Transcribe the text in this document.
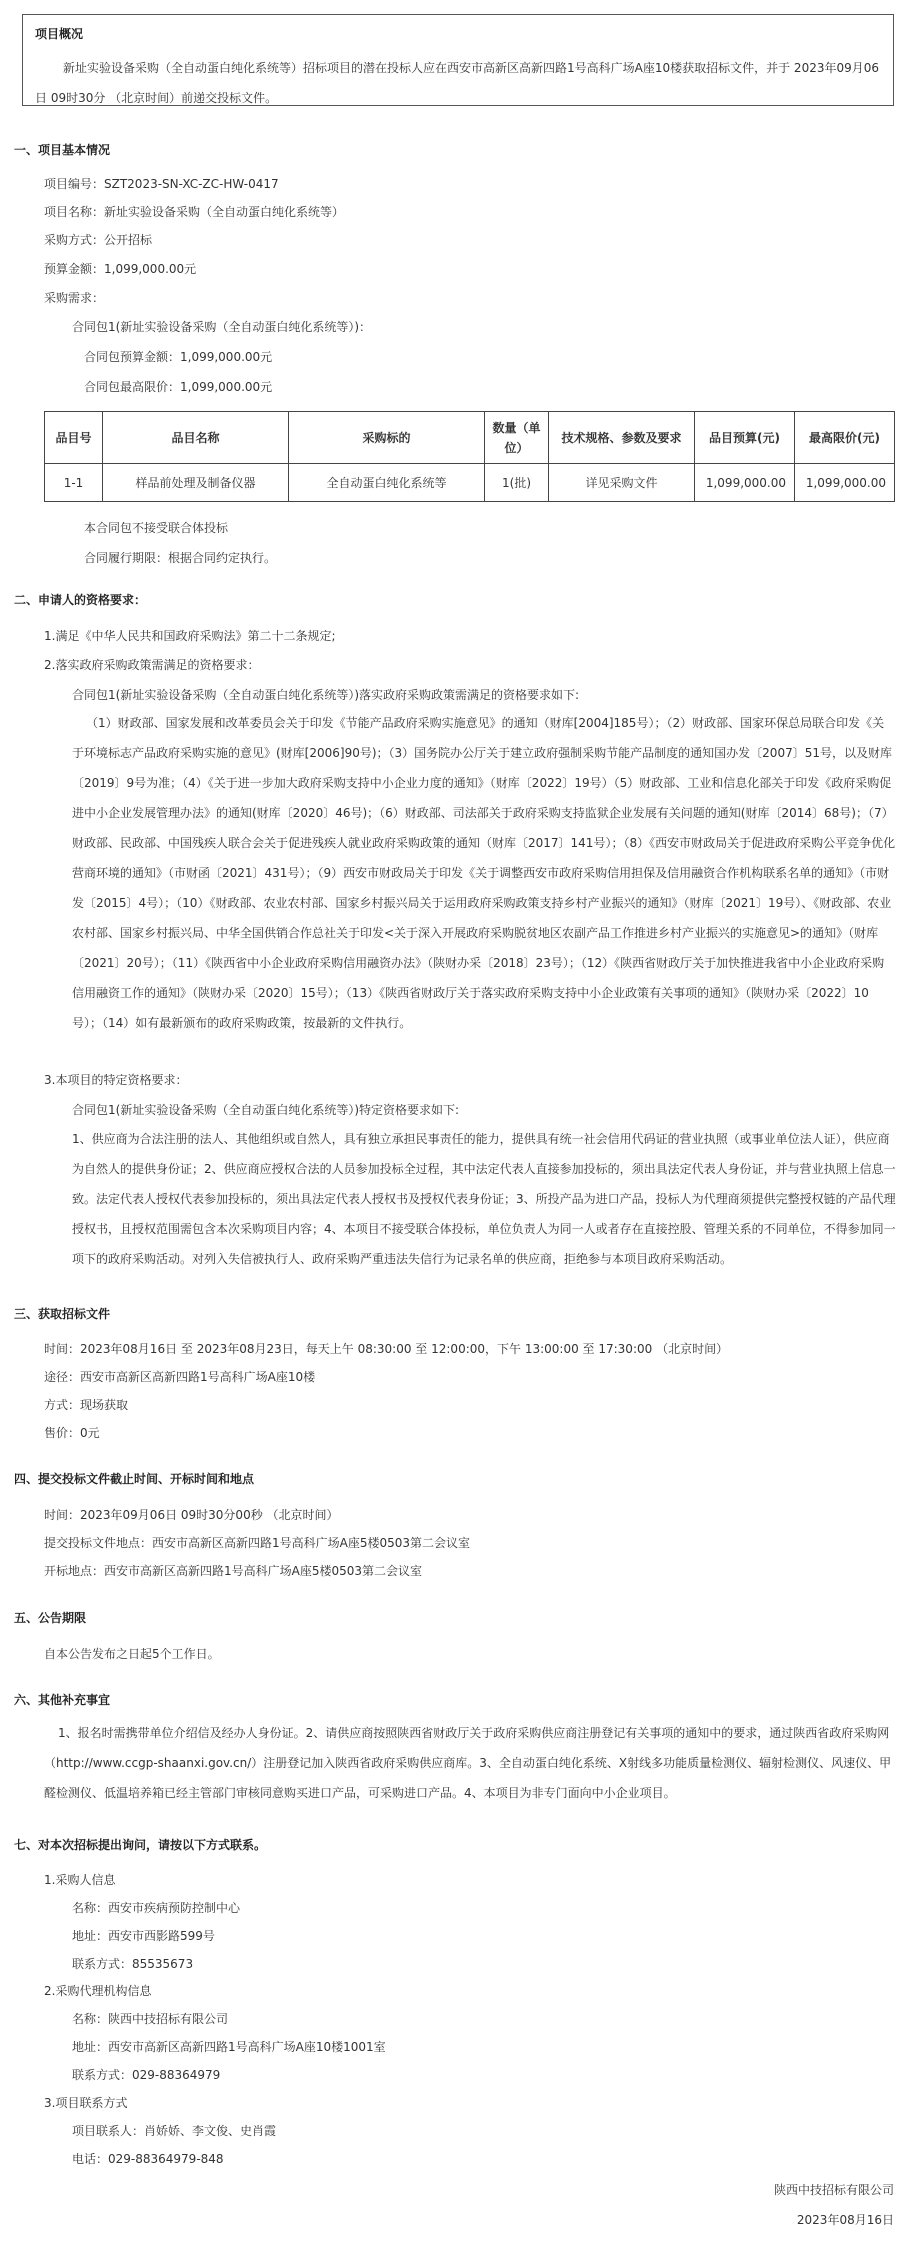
项目概况
新址实验设备采购（全自动蛋白纯化系统等）招标项目的潜在投标人应在西安市高新区高新四路1号高科广场A座10楼获取招标文件，并于 2023年09月06日 09时30分 （北京时间）前递交投标文件。
一、项目基本情况
项目编号：SZT2023-SN-XC-ZC-HW-0417
项目名称：新址实验设备采购（全自动蛋白纯化系统等）
采购方式：公开招标
预算金额：1,099,000.00元
采购需求：
合同包1(新址实验设备采购（全自动蛋白纯化系统等）)：
合同包预算金额：1,099,000.00元
合同包最高限价：1,099,000.00元
品目号	品目名称	采购标的	数量（单位）	技术规格、参数及要求	品目预算(元)	最高限价(元)
1-1	样品前处理及制备仪器	全自动蛋白纯化系统等	1(批)	详见采购文件	1,099,000.00	1,099,000.00
本合同包不接受联合体投标
合同履行期限：根据合同约定执行。
二、申请人的资格要求：
1.满足《中华人民共和国政府采购法》第二十二条规定;
2.落实政府采购政策需满足的资格要求：
合同包1(新址实验设备采购（全自动蛋白纯化系统等）)落实政府采购政策需满足的资格要求如下:
（1）财政部、国家发展和改革委员会关于印发《节能产品政府采购实施意见》的通知（财库[2004]185号）；（2）财政部、国家环保总局联合印发《关于环境标志产品政府采购实施的意见》(财库[2006]90号)；（3）国务院办公厅关于建立政府强制采购节能产品制度的通知国办发〔2007〕51号，以及财库〔2019〕9号为准；（4）《关于进一步加大政府采购支持中小企业力度的通知》（财库〔2022〕19号）（5）财政部、工业和信息化部关于印发《政府采购促进中小企业发展管理办法》的通知(财库〔2020〕46号)；（6）财政部、司法部关于政府采购支持监狱企业发展有关问题的通知(财库〔2014〕68号)；（7）财政部、民政部、中国残疾人联合会关于促进残疾人就业政府采购政策的通知（财库〔2017〕141号）；（8）《西安市财政局关于促进政府采购公平竞争优化营商环境的通知》（市财函〔2021〕431号）；（9）西安市财政局关于印发《关于调整西安市政府采购信用担保及信用融资合作机构联系名单的通知》（市财发〔2015〕4号）；（10）《财政部、农业农村部、国家乡村振兴局关于运用政府采购政策支持乡村产业振兴的通知》（财库〔2021〕19号）、《财政部、农业农村部、国家乡村振兴局、中华全国供销合作总社关于印发<关于深入开展政府采购脱贫地区农副产品工作推进乡村产业振兴的实施意见>的通知》（财库〔2021〕20号）；（11）《陕西省中小企业政府采购信用融资办法》（陕财办采〔2018〕23号）；（12）《陕西省财政厅关于加快推进我省中小企业政府采购信用融资工作的通知》（陕财办采〔2020〕15号）；（13）《陕西省财政厅关于落实政府采购支持中小企业政策有关事项的通知》（陕财办采〔2022〕10号）；（14）如有最新颁布的政府采购政策，按最新的文件执行。
3.本项目的特定资格要求：
合同包1(新址实验设备采购（全自动蛋白纯化系统等）)特定资格要求如下:
1、供应商为合法注册的法人、其他组织或自然人，具有独立承担民事责任的能力，提供具有统一社会信用代码证的营业执照（或事业单位法人证），供应商为自然人的提供身份证；2、供应商应授权合法的人员参加投标全过程，其中法定代表人直接参加投标的，须出具法定代表人身份证，并与营业执照上信息一致。法定代表人授权代表参加投标的，须出具法定代表人授权书及授权代表身份证；3、所投产品为进口产品，投标人为代理商须提供完整授权链的产品代理授权书，且授权范围需包含本次采购项目内容；4、本项目不接受联合体投标，单位负责人为同一人或者存在直接控股、管理关系的不同单位，不得参加同一项下的政府采购活动。对列入失信被执行人、政府采购严重违法失信行为记录名单的供应商，拒绝参与本项目政府采购活动。
三、获取招标文件
时间：2023年08月16日 至 2023年08月23日，每天上午 08:30:00 至 12:00:00，下午 13:00:00 至 17:30:00 （北京时间）
途径：西安市高新区高新四路1号高科广场A座10楼
方式：现场获取
售价：0元
四、提交投标文件截止时间、开标时间和地点
时间：2023年09月06日 09时30分00秒 （北京时间）
提交投标文件地点：西安市高新区高新四路1号高科广场A座5楼0503第二会议室
开标地点：西安市高新区高新四路1号高科广场A座5楼0503第二会议室
五、公告期限
自本公告发布之日起5个工作日。
六、其他补充事宜
1、报名时需携带单位介绍信及经办人身份证。2、请供应商按照陕西省财政厅关于政府采购供应商注册登记有关事项的通知中的要求，通过陕西省政府采购网（http://www.ccgp-shaanxi.gov.cn/）注册登记加入陕西省政府采购供应商库。3、全自动蛋白纯化系统、X射线多功能质量检测仪、辐射检测仪、风速仪、甲醛检测仪、低温培养箱已经主管部门审核同意购买进口产品，可采购进口产品。4、本项目为非专门面向中小企业项目。
七、对本次招标提出询问，请按以下方式联系。
1.采购人信息
名称：西安市疾病预防控制中心
地址：西安市西影路599号
联系方式：85535673
2.采购代理机构信息
名称：陕西中技招标有限公司
地址：西安市高新区高新四路1号高科广场A座10楼1001室
联系方式：029-88364979
3.项目联系方式
项目联系人：肖娇娇、李文俊、史肖霞
电话：029-88364979-848
陕西中技招标有限公司
2023年08月16日
